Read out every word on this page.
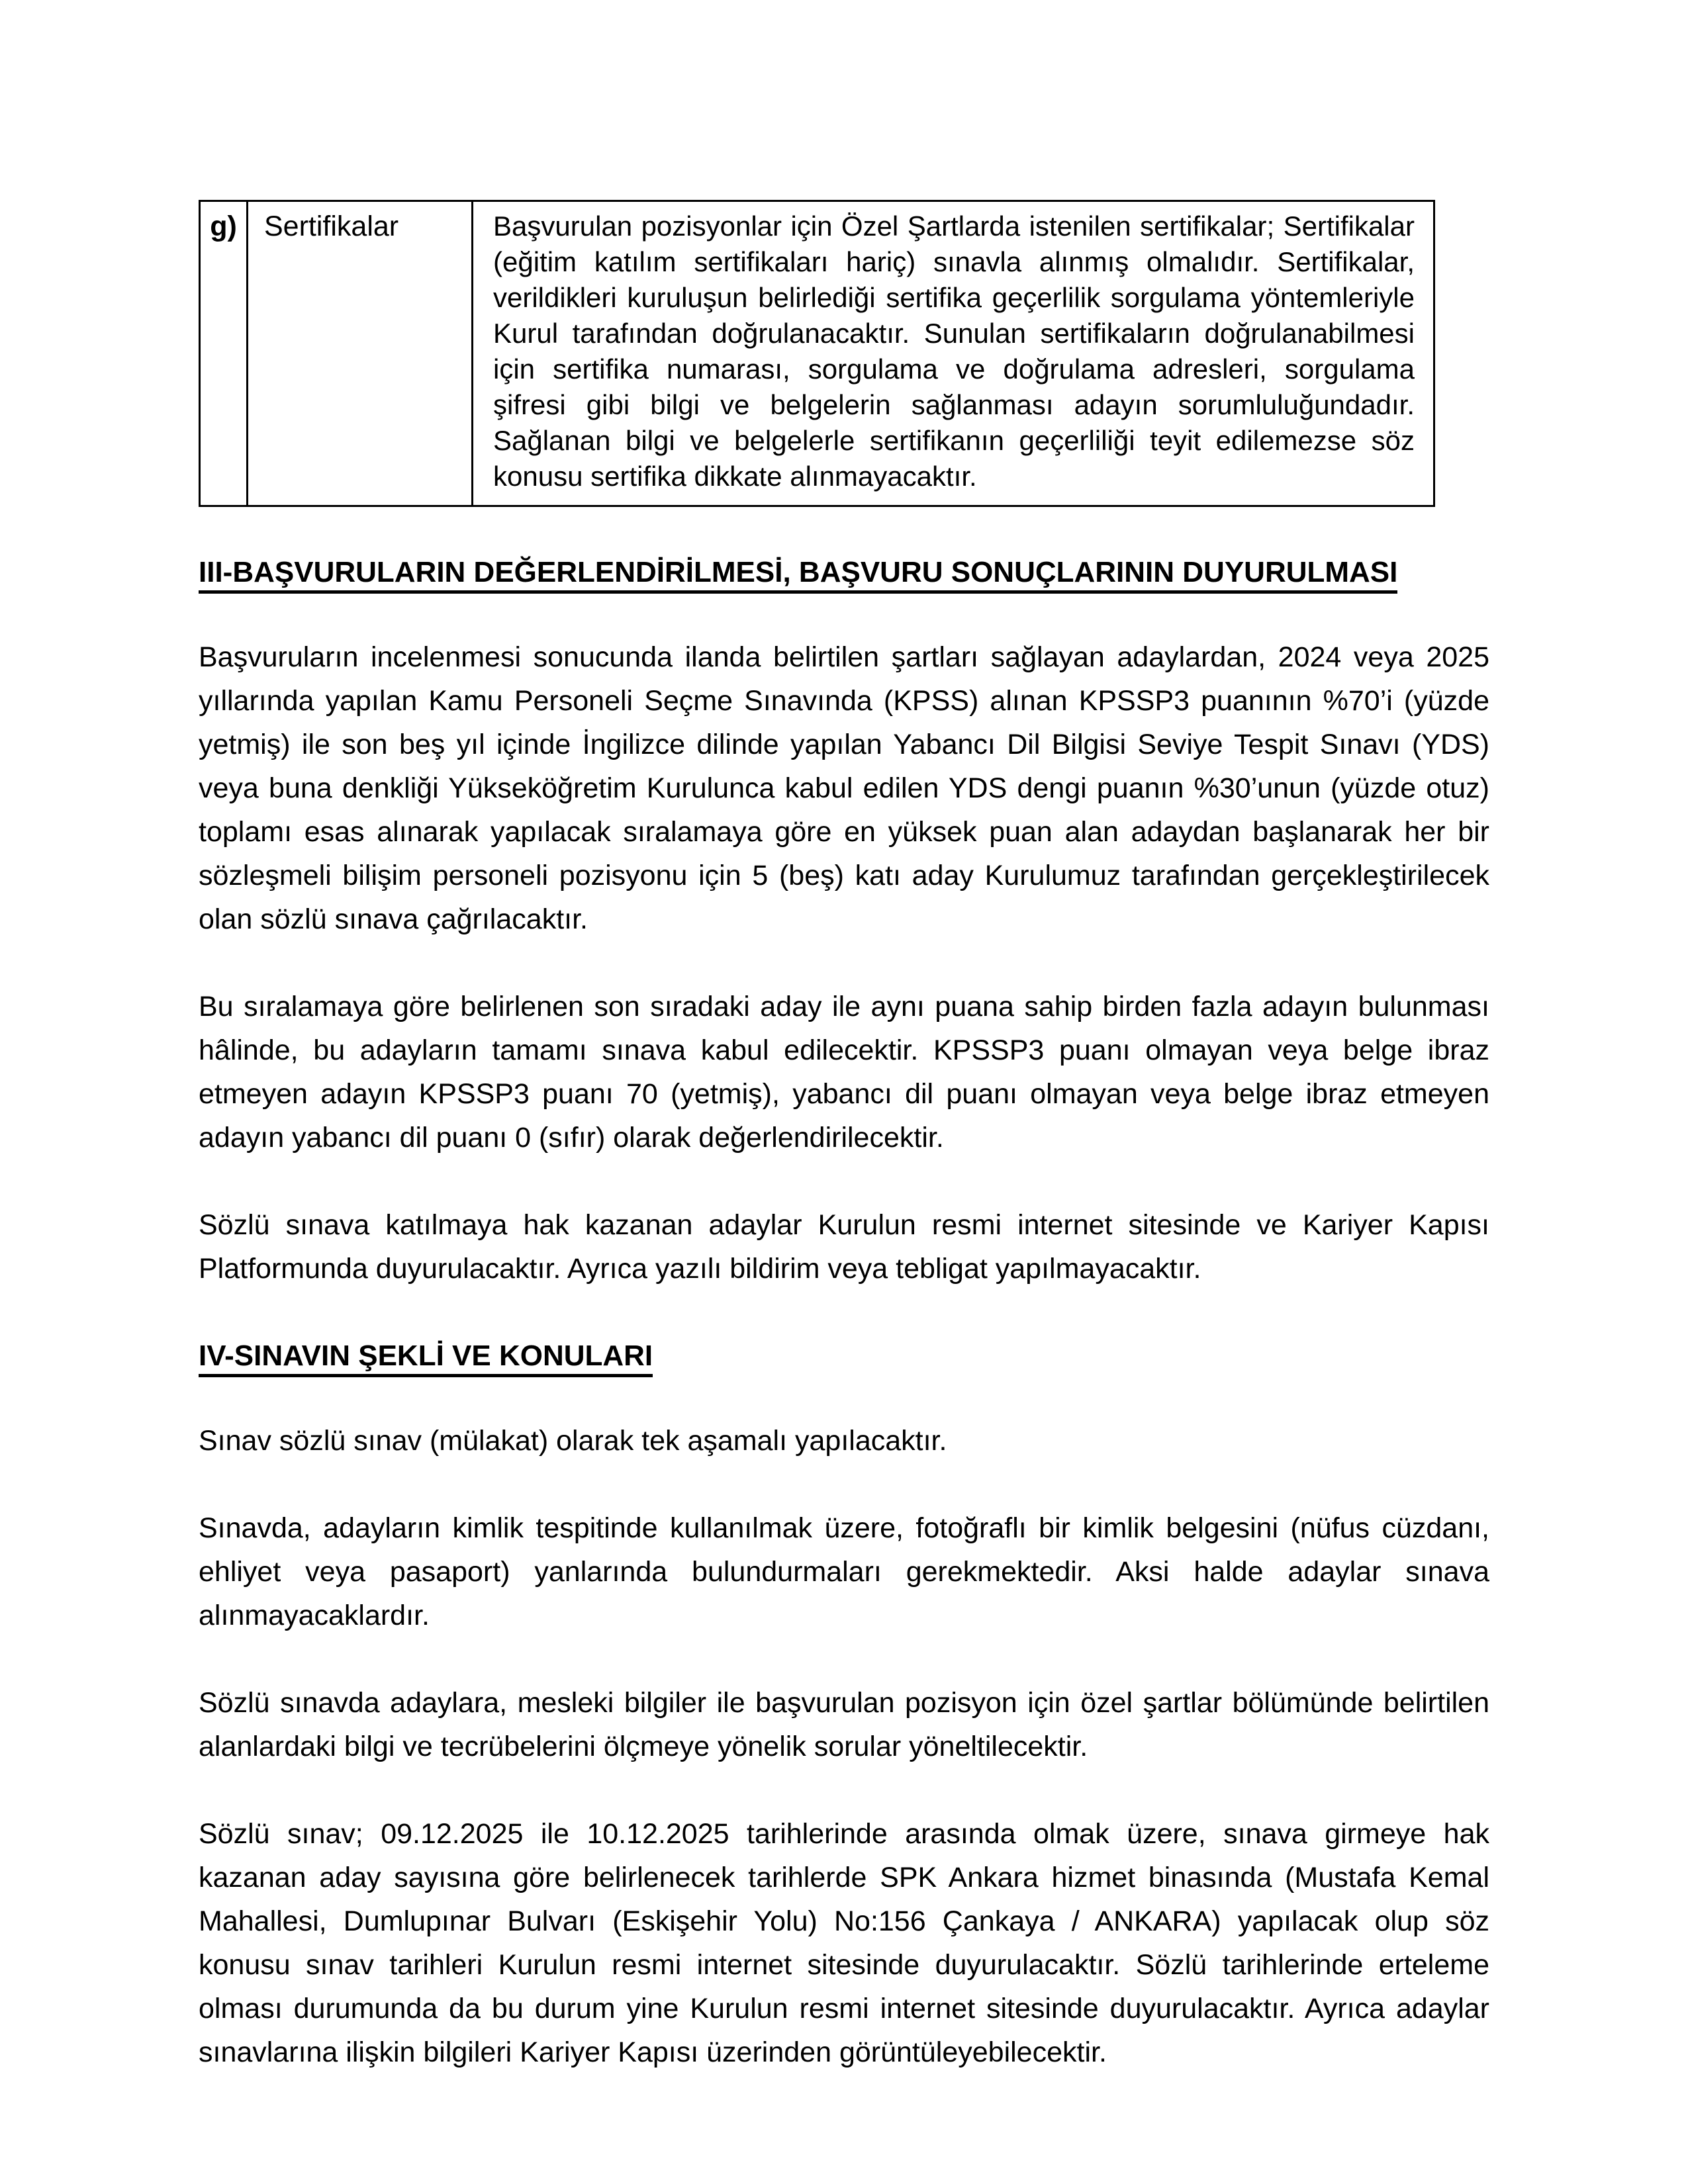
g)	Sertifikalar	Başvurulan pozisyonlar için Özel Şartlarda istenilen sertifikalar; Sertifikalar (eğitim katılım sertifikaları hariç) sınavla alınmış olmalıdır. Sertifikalar, verildikleri kuruluşun belirlediği sertifika geçerlilik sorgulama yöntemleriyle Kurul tarafından doğrulanacaktır. Sunulan sertifikaların doğrulanabilmesi için sertifika numarası, sorgulama ve doğrulama adresleri, sorgulama şifresi gibi bilgi ve belgelerin sağlanması adayın sorumluluğundadır. Sağlanan bilgi ve belgelerle sertifikanın geçerliliği teyit edilemezse söz konusu sertifika dikkate alınmayacaktır.
III-BAŞVURULARIN DEĞERLENDİRİLMESİ, BAŞVURU SONUÇLARININ DUYURULMASI

Başvuruların incelenmesi sonucunda ilanda belirtilen şartları sağlayan adaylardan, 2024 veya 2025 yıllarında yapılan Kamu Personeli Seçme Sınavında (KPSS) alınan KPSSP3 puanının %70’i (yüzde yetmiş) ile son beş yıl içinde İngilizce dilinde yapılan Yabancı Dil Bilgisi Seviye Tespit Sınavı (YDS) veya buna denkliği Yükseköğretim Kurulunca kabul edilen YDS dengi puanın %30’unun (yüzde otuz) toplamı esas alınarak yapılacak sıralamaya göre en yüksek puan alan adaydan başlanarak her bir sözleşmeli bilişim personeli pozisyonu için 5 (beş) katı aday Kurulumuz tarafından gerçekleştirilecek olan sözlü sınava çağrılacaktır.

Bu sıralamaya göre belirlenen son sıradaki aday ile aynı puana sahip birden fazla adayın bulunması hâlinde, bu adayların tamamı sınava kabul edilecektir. KPSSP3 puanı olmayan veya belge ibraz etmeyen adayın KPSSP3 puanı 70 (yetmiş), yabancı dil puanı olmayan veya belge ibraz etmeyen adayın yabancı dil puanı 0 (sıfır) olarak değerlendirilecektir.

Sözlü sınava katılmaya hak kazanan adaylar Kurulun resmi internet sitesinde ve Kariyer Kapısı Platformunda duyurulacaktır. Ayrıca yazılı bildirim veya tebligat yapılmayacaktır.

IV-SINAVIN ŞEKLİ VE KONULARI

Sınav sözlü sınav (mülakat) olarak tek aşamalı yapılacaktır.

Sınavda, adayların kimlik tespitinde kullanılmak üzere, fotoğraflı bir kimlik belgesini (nüfus cüzdanı, ehliyet veya pasaport) yanlarında bulundurmaları gerekmektedir. Aksi halde adaylar sınava alınmayacaklardır.

Sözlü sınavda adaylara, mesleki bilgiler ile başvurulan pozisyon için özel şartlar bölümünde belirtilen alanlardaki bilgi ve tecrübelerini ölçmeye yönelik sorular yöneltilecektir.

Sözlü sınav; 09.12.2025 ile 10.12.2025 tarihlerinde arasında olmak üzere, sınava girmeye hak kazanan aday sayısına göre belirlenecek tarihlerde SPK Ankara hizmet binasında (Mustafa Kemal Mahallesi, Dumlupınar Bulvarı (Eskişehir Yolu) No:156 Çankaya / ANKARA) yapılacak olup söz konusu sınav tarihleri Kurulun resmi internet sitesinde duyurulacaktır. Sözlü tarihlerinde erteleme olması durumunda da bu durum yine Kurulun resmi internet sitesinde duyurulacaktır. Ayrıca adaylar sınavlarına ilişkin bilgileri Kariyer Kapısı üzerinden görüntüleyebilecektir.
